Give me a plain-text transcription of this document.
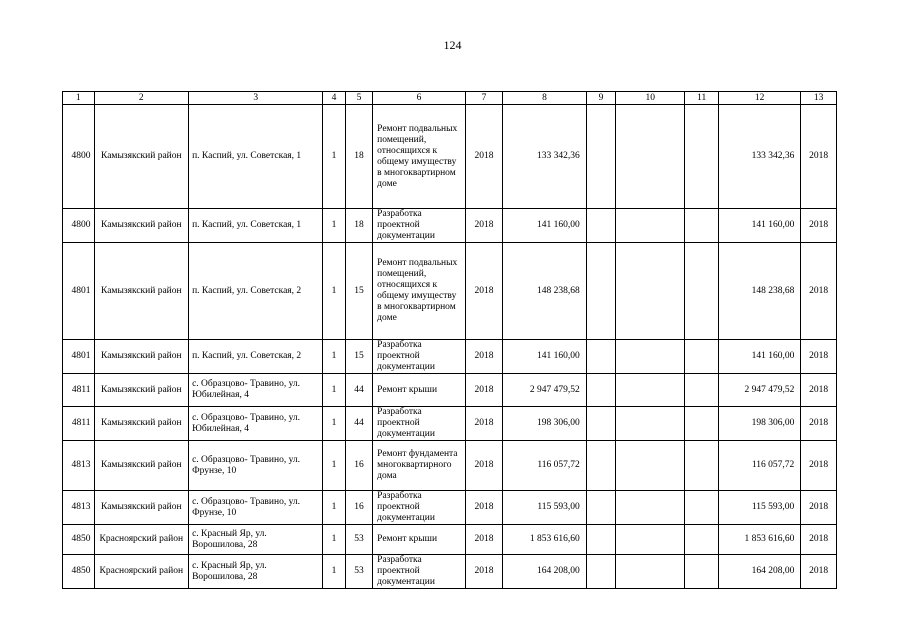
124
1	2	3	4	5	6	7	8	9	10	11	12	13
4800	Камызякский район	п. Каспий, ул. Советская, 1	1	18	Ремонт подвальных помещений, относящихся к общему имуществу в многоквартирном доме	2018	133 342,36				133 342,36	2018
4800	Камызякский район	п. Каспий, ул. Советская, 1	1	18	Разработка проектной документации	2018	141 160,00				141 160,00	2018
4801	Камызякский район	п. Каспий, ул. Советская, 2	1	15	Ремонт подвальных помещений, относящихся к общему имуществу в многоквартирном доме	2018	148 238,68				148 238,68	2018
4801	Камызякский район	п. Каспий, ул. Советская, 2	1	15	Разработка проектной документации	2018	141 160,00				141 160,00	2018
4811	Камызякский район	с. Образцово- Травино, ул. Юбилейная, 4	1	44	Ремонт крыши	2018	2 947 479,52				2 947 479,52	2018
4811	Камызякский район	с. Образцово- Травино, ул. Юбилейная, 4	1	44	Разработка проектной документации	2018	198 306,00				198 306,00	2018
4813	Камызякский район	с. Образцово- Травино, ул. Фрунзе, 10	1	16	Ремонт фундамента многоквартирного дома	2018	116 057,72				116 057,72	2018
4813	Камызякский район	с. Образцово- Травино, ул. Фрунзе, 10	1	16	Разработка проектной документации	2018	115 593,00				115 593,00	2018
4850	Красноярский район	с. Красный Яр, ул. Ворошилова, 28	1	53	Ремонт крыши	2018	1 853 616,60				1 853 616,60	2018
4850	Красноярский район	с. Красный Яр, ул. Ворошилова, 28	1	53	Разработка проектной документации	2018	164 208,00				164 208,00	2018
